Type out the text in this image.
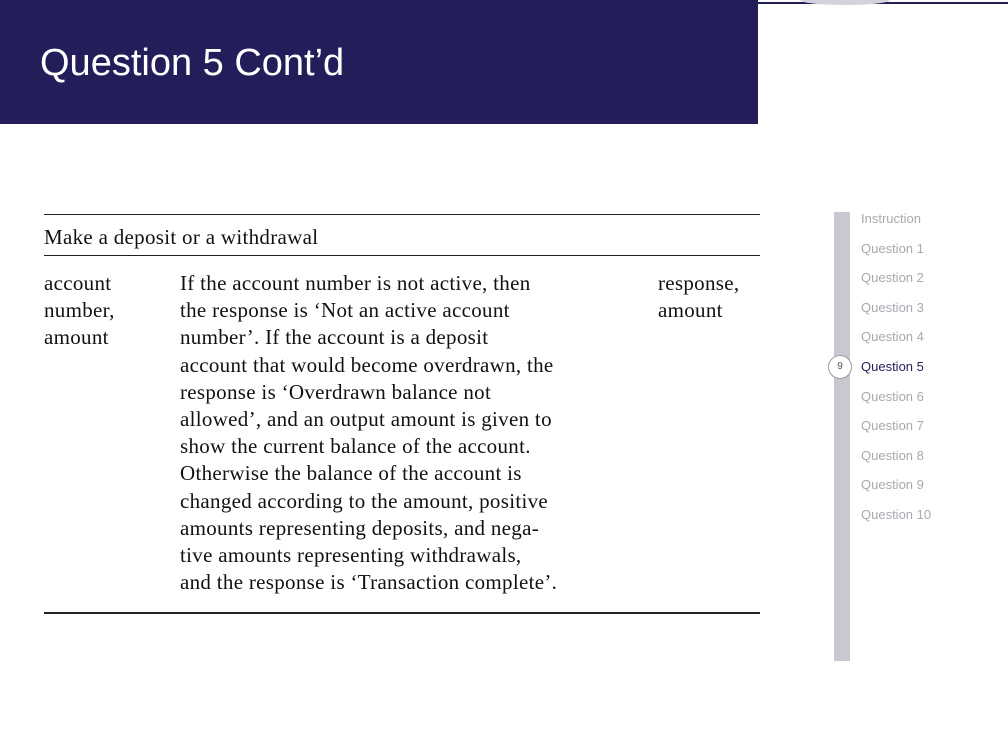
Question 5 Cont’d
Make a deposit or a withdrawal
account
number,
amount
If the account number is not active, then
the response is ‘Not an active account
number’. If the account is a deposit
account that would become overdrawn, the
response is ‘Overdrawn balance not
allowed’, and an output amount is given to
show the current balance of the account.
Otherwise the balance of the account is
changed according to the amount, positive
amounts representing deposits, and nega-
tive amounts representing withdrawals,
and the response is ‘Transaction complete’.
response,
amount
Instruction
Question 1
Question 2
Question 3
Question 4
Question 5
Question 6
Question 7
Question 8
Question 9
Question 10
9
